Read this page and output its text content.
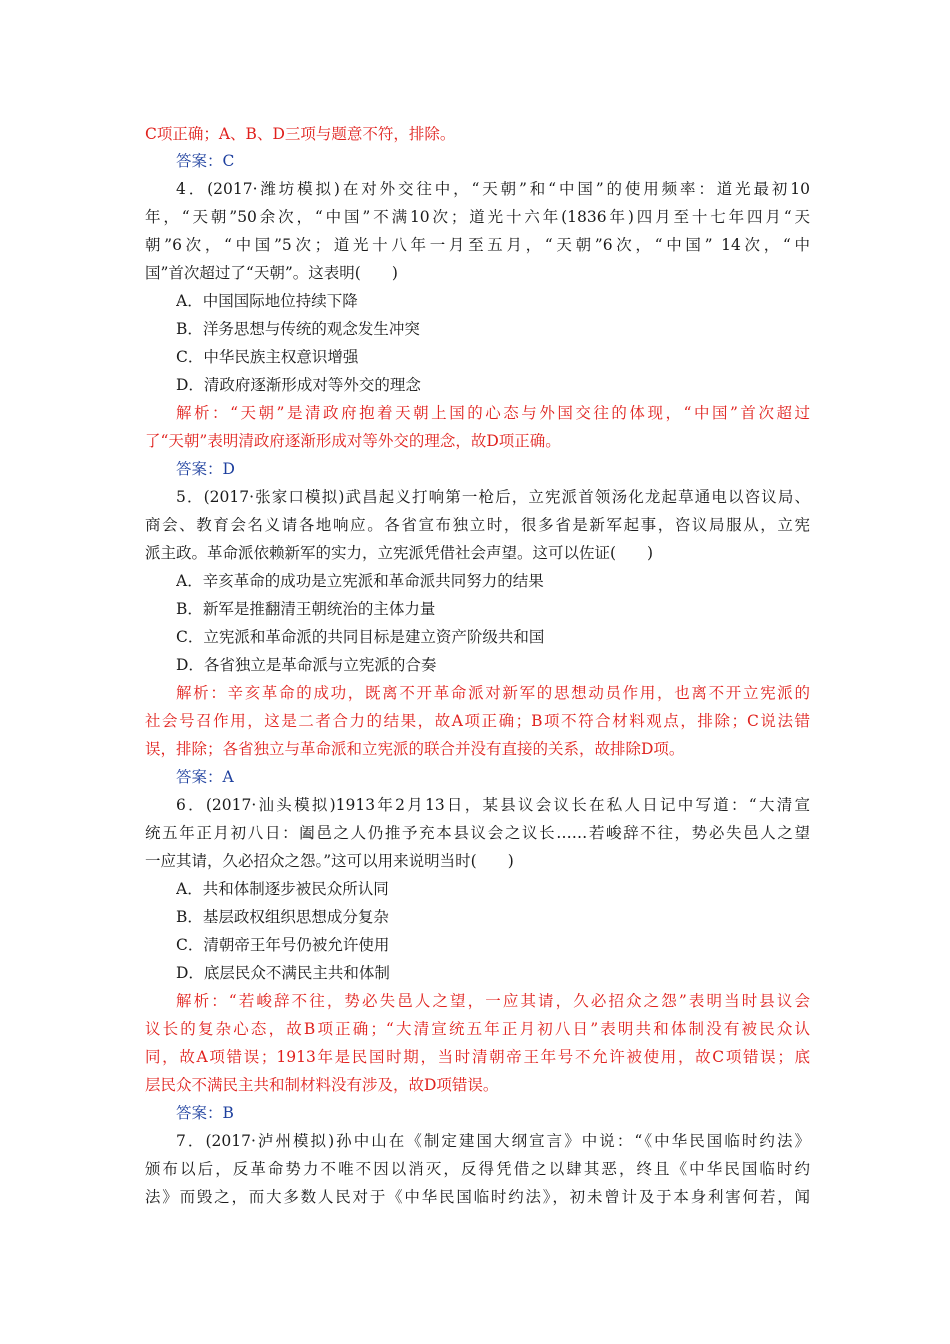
C项正确；A、B、D三项与题意不符，排除。
答案：C
4．(2017·潍坊模拟)在对外交往中，“天朝”和“中国”的使用频率：道光最初10
年，“天朝”50余次，“中国”不满10次；道光十六年(1836年)四月至十七年四月“天
朝”6次，“中国”5次；道光十八年一月至五月，“天朝”6次，“中国” 14次，“中
国”首次超过了“天朝”。这表明(　　)
A．中国国际地位持续下降
B．洋务思想与传统的观念发生冲突
C．中华民族主权意识增强
D．清政府逐渐形成对等外交的理念
解析：“天朝”是清政府抱着天朝上国的心态与外国交往的体现，“中国”首次超过
了“天朝”表明清政府逐渐形成对等外交的理念，故D项正确。
答案：D
5．(2017·张家口模拟)武昌起义打响第一枪后，立宪派首领汤化龙起草通电以咨议局、
商会、教育会名义请各地响应。各省宣布独立时，很多省是新军起事，咨议局服从，立宪
派主政。革命派依赖新军的实力，立宪派凭借社会声望。这可以佐证(　　)
A．辛亥革命的成功是立宪派和革命派共同努力的结果
B．新军是推翻清王朝统治的主体力量
C．立宪派和革命派的共同目标是建立资产阶级共和国
D．各省独立是革命派与立宪派的合奏
解析：辛亥革命的成功，既离不开革命派对新军的思想动员作用，也离不开立宪派的
社会号召作用，这是二者合力的结果，故A项正确；B项不符合材料观点，排除；C说法错
误，排除；各省独立与革命派和立宪派的联合并没有直接的关系，故排除D项。
答案：A
6．(2017·汕头模拟)1913年2月13日，某县议会议长在私人日记中写道：“大清宣
统五年正月初八日：阖邑之人仍推予充本县议会之议长……若峻辞不往，势必失邑人之望
一应其请，久必招众之怨。”这可以用来说明当时(　　)
A．共和体制逐步被民众所认同
B．基层政权组织思想成分复杂
C．清朝帝王年号仍被允许使用
D．底层民众不满民主共和体制
解析：“若峻辞不往，势必失邑人之望，一应其请，久必招众之怨”表明当时县议会
议长的复杂心态，故B项正确；“大清宣统五年正月初八日”表明共和体制没有被民众认
同，故A项错误；1913年是民国时期，当时清朝帝王年号不允许被使用，故C项错误；底
层民众不满民主共和制材料没有涉及，故D项错误。
答案：B
7．(2017·泸州模拟)孙中山在《制定建国大纲宣言》中说：“《中华民国临时约法》
颁布以后，反革命势力不唯不因以消灭，反得凭借之以肆其恶，终且《中华民国临时约
法》而毁之，而大多数人民对于《中华民国临时约法》，初未曾计及于本身利害何若，闻
